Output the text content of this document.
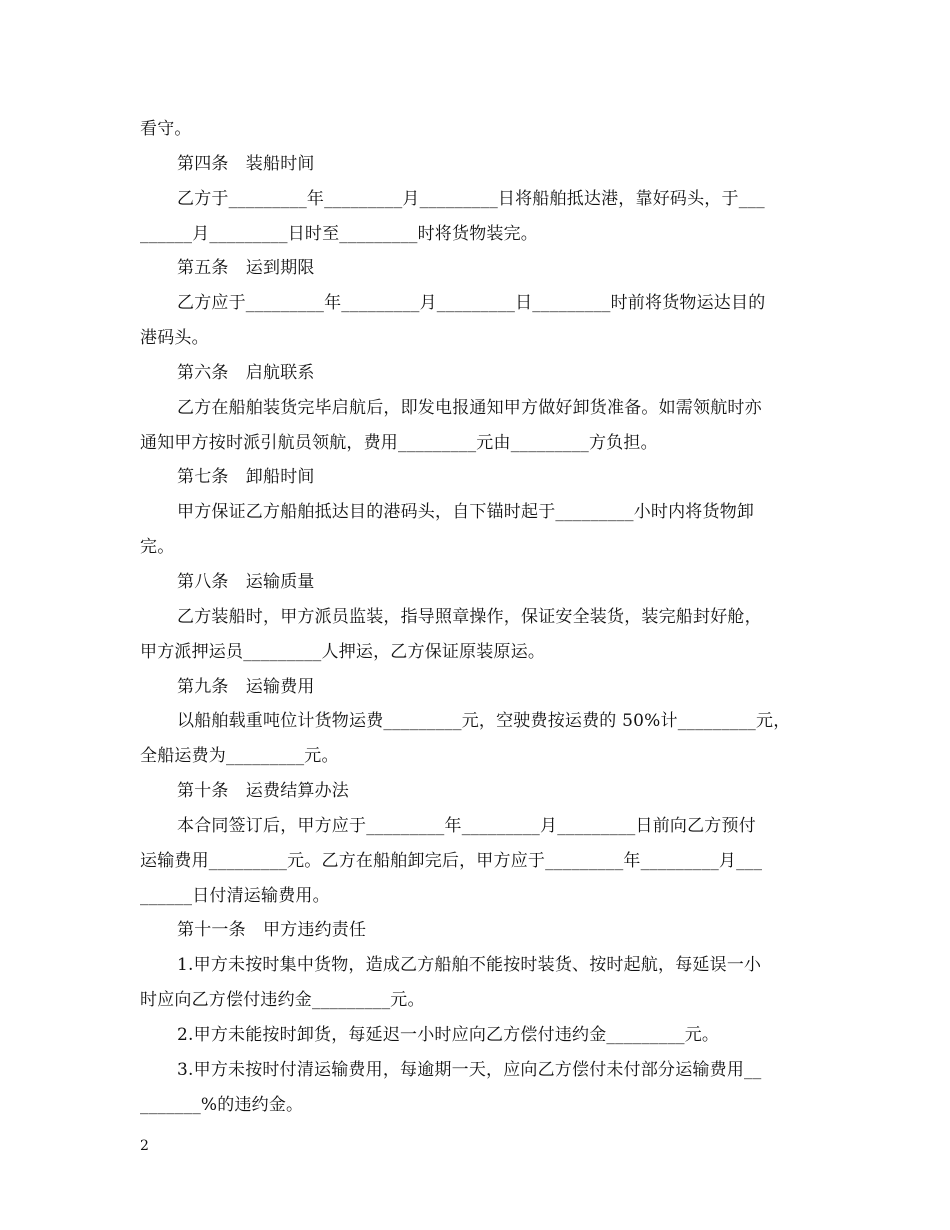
看守。
第四条　装船时间
乙方于_________年_________月_________日将船舶抵达港，靠好码头，于___
______月_________日时至_________时将货物装完。
第五条　运到期限
乙方应于_________年_________月_________日_________时前将货物运达目的
港码头。
第六条　启航联系
乙方在船舶装货完毕启航后，即发电报通知甲方做好卸货准备。如需领航时亦
通知甲方按时派引航员领航，费用_________元由_________方负担。
第七条　卸船时间
甲方保证乙方船舶抵达目的港码头，自下锚时起于_________小时内将货物卸
完。
第八条　运输质量
乙方装船时，甲方派员监装，指导照章操作，保证安全装货，装完船封好舱，
甲方派押运员_________人押运，乙方保证原装原运。
第九条　运输费用
以船舶载重吨位计货物运费_________元，空驶费按运费的 50%计_________元，
全船运费为_________元。
第十条　运费结算办法
本合同签订后，甲方应于_________年_________月_________日前向乙方预付
运输费用_________元。乙方在船舶卸完后，甲方应于_________年_________月___
______日付清运输费用。
第十一条　甲方违约责任
1.甲方未按时集中货物，造成乙方船舶不能按时装货、按时起航，每延误一小
时应向乙方偿付违约金_________元。
2.甲方未能按时卸货，每延迟一小时应向乙方偿付违约金_________元。
3.甲方未按时付清运输费用，每逾期一天，应向乙方偿付未付部分运输费用__
_______%的违约金。
2
